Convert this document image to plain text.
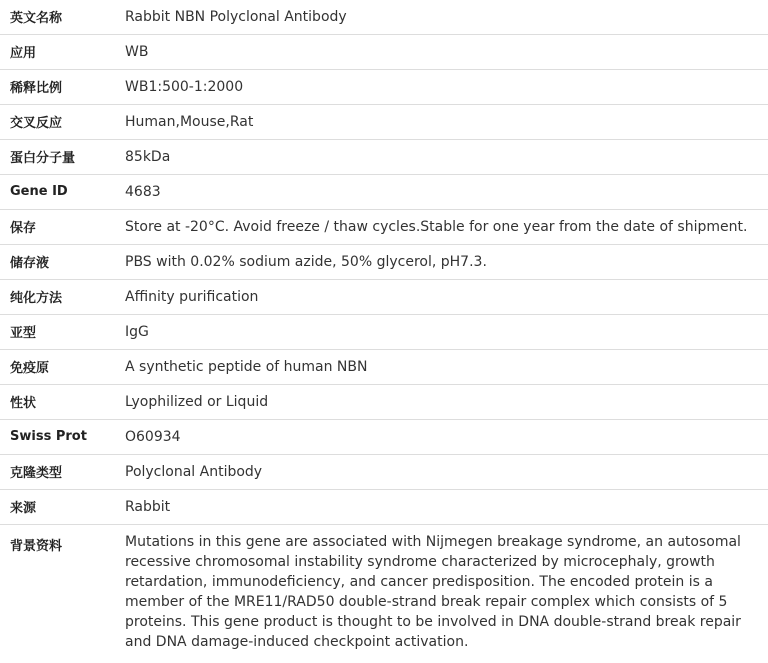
英文名称	Rabbit NBN Polyclonal Antibody
应用	WB
稀释比例	WB1:500-1:2000
交叉反应	Human,Mouse,Rat
蛋白分子量	85kDa
Gene ID	4683
保存	Store at -20°C. Avoid freeze / thaw cycles.Stable for one year from the date of shipment.
储存液	PBS with 0.02% sodium azide, 50% glycerol, pH7.3.
纯化方法	Affinity purification
亚型	IgG
免疫原	A synthetic peptide of human NBN
性状	Lyophilized or Liquid
Swiss Prot	O60934
克隆类型	Polyclonal Antibody
来源	Rabbit
背景资料	Mutations in this gene are associated with Nijmegen breakage syndrome, an autosomal recessive chromosomal instability syndrome characterized by microcephaly, growth retardation, immunodeficiency, and cancer predisposition. The encoded protein is a member of the MRE11/RAD50 double-strand break repair complex which consists of 5 proteins. This gene product is thought to be involved in DNA double-strand break repair and DNA damage-induced checkpoint activation.
